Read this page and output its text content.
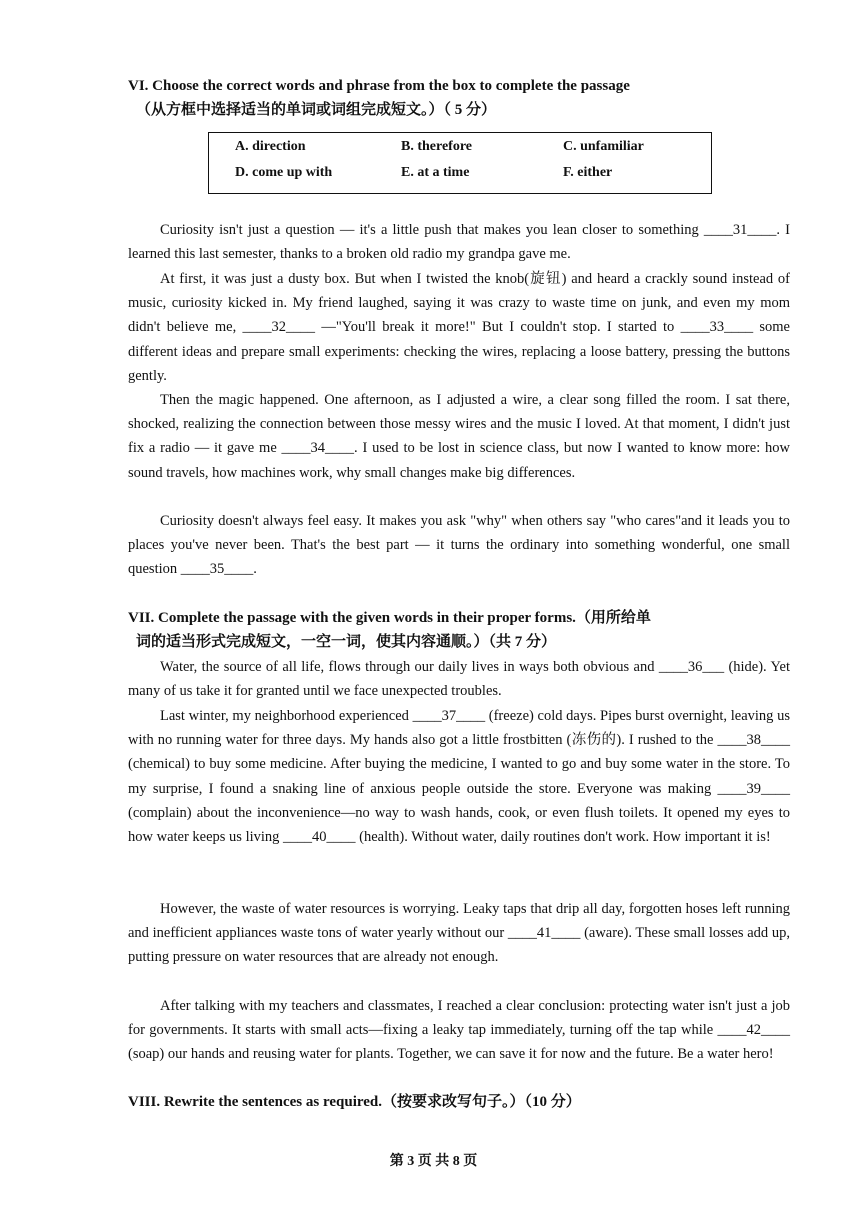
VI. Choose the correct words and phrase from the box to complete the passage
（从方框中选择适当的单词或词组完成短文。）（ 5 分）
A. direction	B. therefore	C. unfamiliar
D. come up with	E. at a time	F. either

Curiosity isn't just a question — it's a little push that makes you lean closer to something ____31____. I learned this last semester, thanks to a broken old radio my grandpa gave me.

At first, it was just a dusty box. But when I twisted the knob(旋钮) and heard a crackly sound instead of music, curiosity kicked in. My friend laughed, saying it was crazy to waste time on junk, and even my mom didn't believe me, ____32____ —"You'll break it more!" But I couldn't stop. I started to ____33____ some different ideas and prepare small experiments: checking the wires, replacing a loose battery, pressing the buttons gently.

Then the magic happened. One afternoon, as I adjusted a wire, a clear song filled the room. I sat there, shocked, realizing the connection between those messy wires and the music I loved. At that moment, I didn't just fix a radio — it gave me ____34____. I used to be lost in science class, but now I wanted to know more: how sound travels, how machines work, why small changes make big differences.

Curiosity doesn't always feel easy. It makes you ask "why" when others say "who cares"and it leads you to places you've never been. That's the best part — it turns the ordinary into something wonderful, one small question ____35____.

VII. Complete the passage with the given words in their proper forms.（用所给单
词的适当形式完成短文，一空一词，使其内容通顺。）（共 7 分）

Water, the source of all life, flows through our daily lives in ways both obvious and ____36___ (hide). Yet many of us take it for granted until we face unexpected troubles.

Last winter, my neighborhood experienced ____37____ (freeze) cold days. Pipes burst overnight, leaving us with no running water for three days. My hands also got a little frostbitten (冻伤的). I rushed to the ____38____ (chemical) to buy some medicine. After buying the medicine, I wanted to go and buy some water in the store. To my surprise, I found a snaking line of anxious people outside the store. Everyone was making ____39____ (complain) about the inconvenience—no way to wash hands, cook, or even flush toilets. It opened my eyes to how water keeps us living ____40____ (health). Without water, daily routines don't work. How important it is!

However, the waste of water resources is worrying. Leaky taps that drip all day, forgotten hoses left running and inefficient appliances waste tons of water yearly without our ____41____ (aware). These small losses add up, putting pressure on water resources that are already not enough.

After talking with my teachers and classmates, I reached a clear conclusion: protecting water isn't just a job for governments. It starts with small acts—fixing a leaky tap immediately, turning off the tap while ____42____ (soap) our hands and reusing water for plants. Together, we can save it for now and the future. Be a water hero!

VIII. Rewrite the sentences as required.（按要求改写句子。）（10 分）
第 3 页 共 8 页
